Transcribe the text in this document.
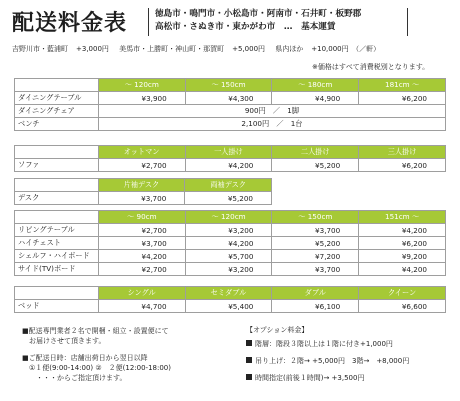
配送料金表	徳島市・鳴門市・小松島市・阿南市・石井町・板野郡
高松市・さぬき市・東かがわ市　…　基本運賃
吉野川市・藍浦町 +3,000円 美馬市・上勝町・神山町・那賀町 +5,000円 県内ほか +10,000円　（／軒）
※価格はすべて消費税別となります。
	〜 120cm	〜 150cm	〜 180cm	181cm 〜
ダイニングテーブル	¥3,900	¥4,300	¥4,900	¥6,200
ダイニングチェア	900円　／　1脚			
ベンチ	2,100円　／　1台			
	オットマン	一人掛け	二人掛け	三人掛け
ソファ	¥2,700	¥4,200	¥5,200	¥6,200
	片袖デスク	両袖デスク
デスク	¥3,700	¥5,200
	〜 90cm	〜 120cm	〜 150cm	151cm 〜
リビングテーブル	¥2,700	¥3,200	¥3,700	¥4,200
ハイチェスト	¥3,700	¥4,200	¥5,200	¥6,200
シェルフ・ハイボード	¥4,200	¥5,700	¥7,200	¥9,200
サイド(TV)ボード	¥2,700	¥3,200	¥3,700	¥4,200
	シングル	セミダブル	ダブル	クイーン
ベッド	¥4,700	¥5,400	¥6,100	¥6,600

■配送専門業者２名で開梱・組立・設置便にて
　お届けさせて頂きます。

■ご配送日時：店舗出荷日から翌日以降
　①１便(9:00-14:00) ②　２便(12:00-18:00)
　　・・・からご指定頂けます。

【オプション料金】

階層：階段３階以上は１階に付き+1,000円

吊り上げ：２階→ +5,000円　3階→　+8,000円

時間指定(前後１時間)→ +3,500円
